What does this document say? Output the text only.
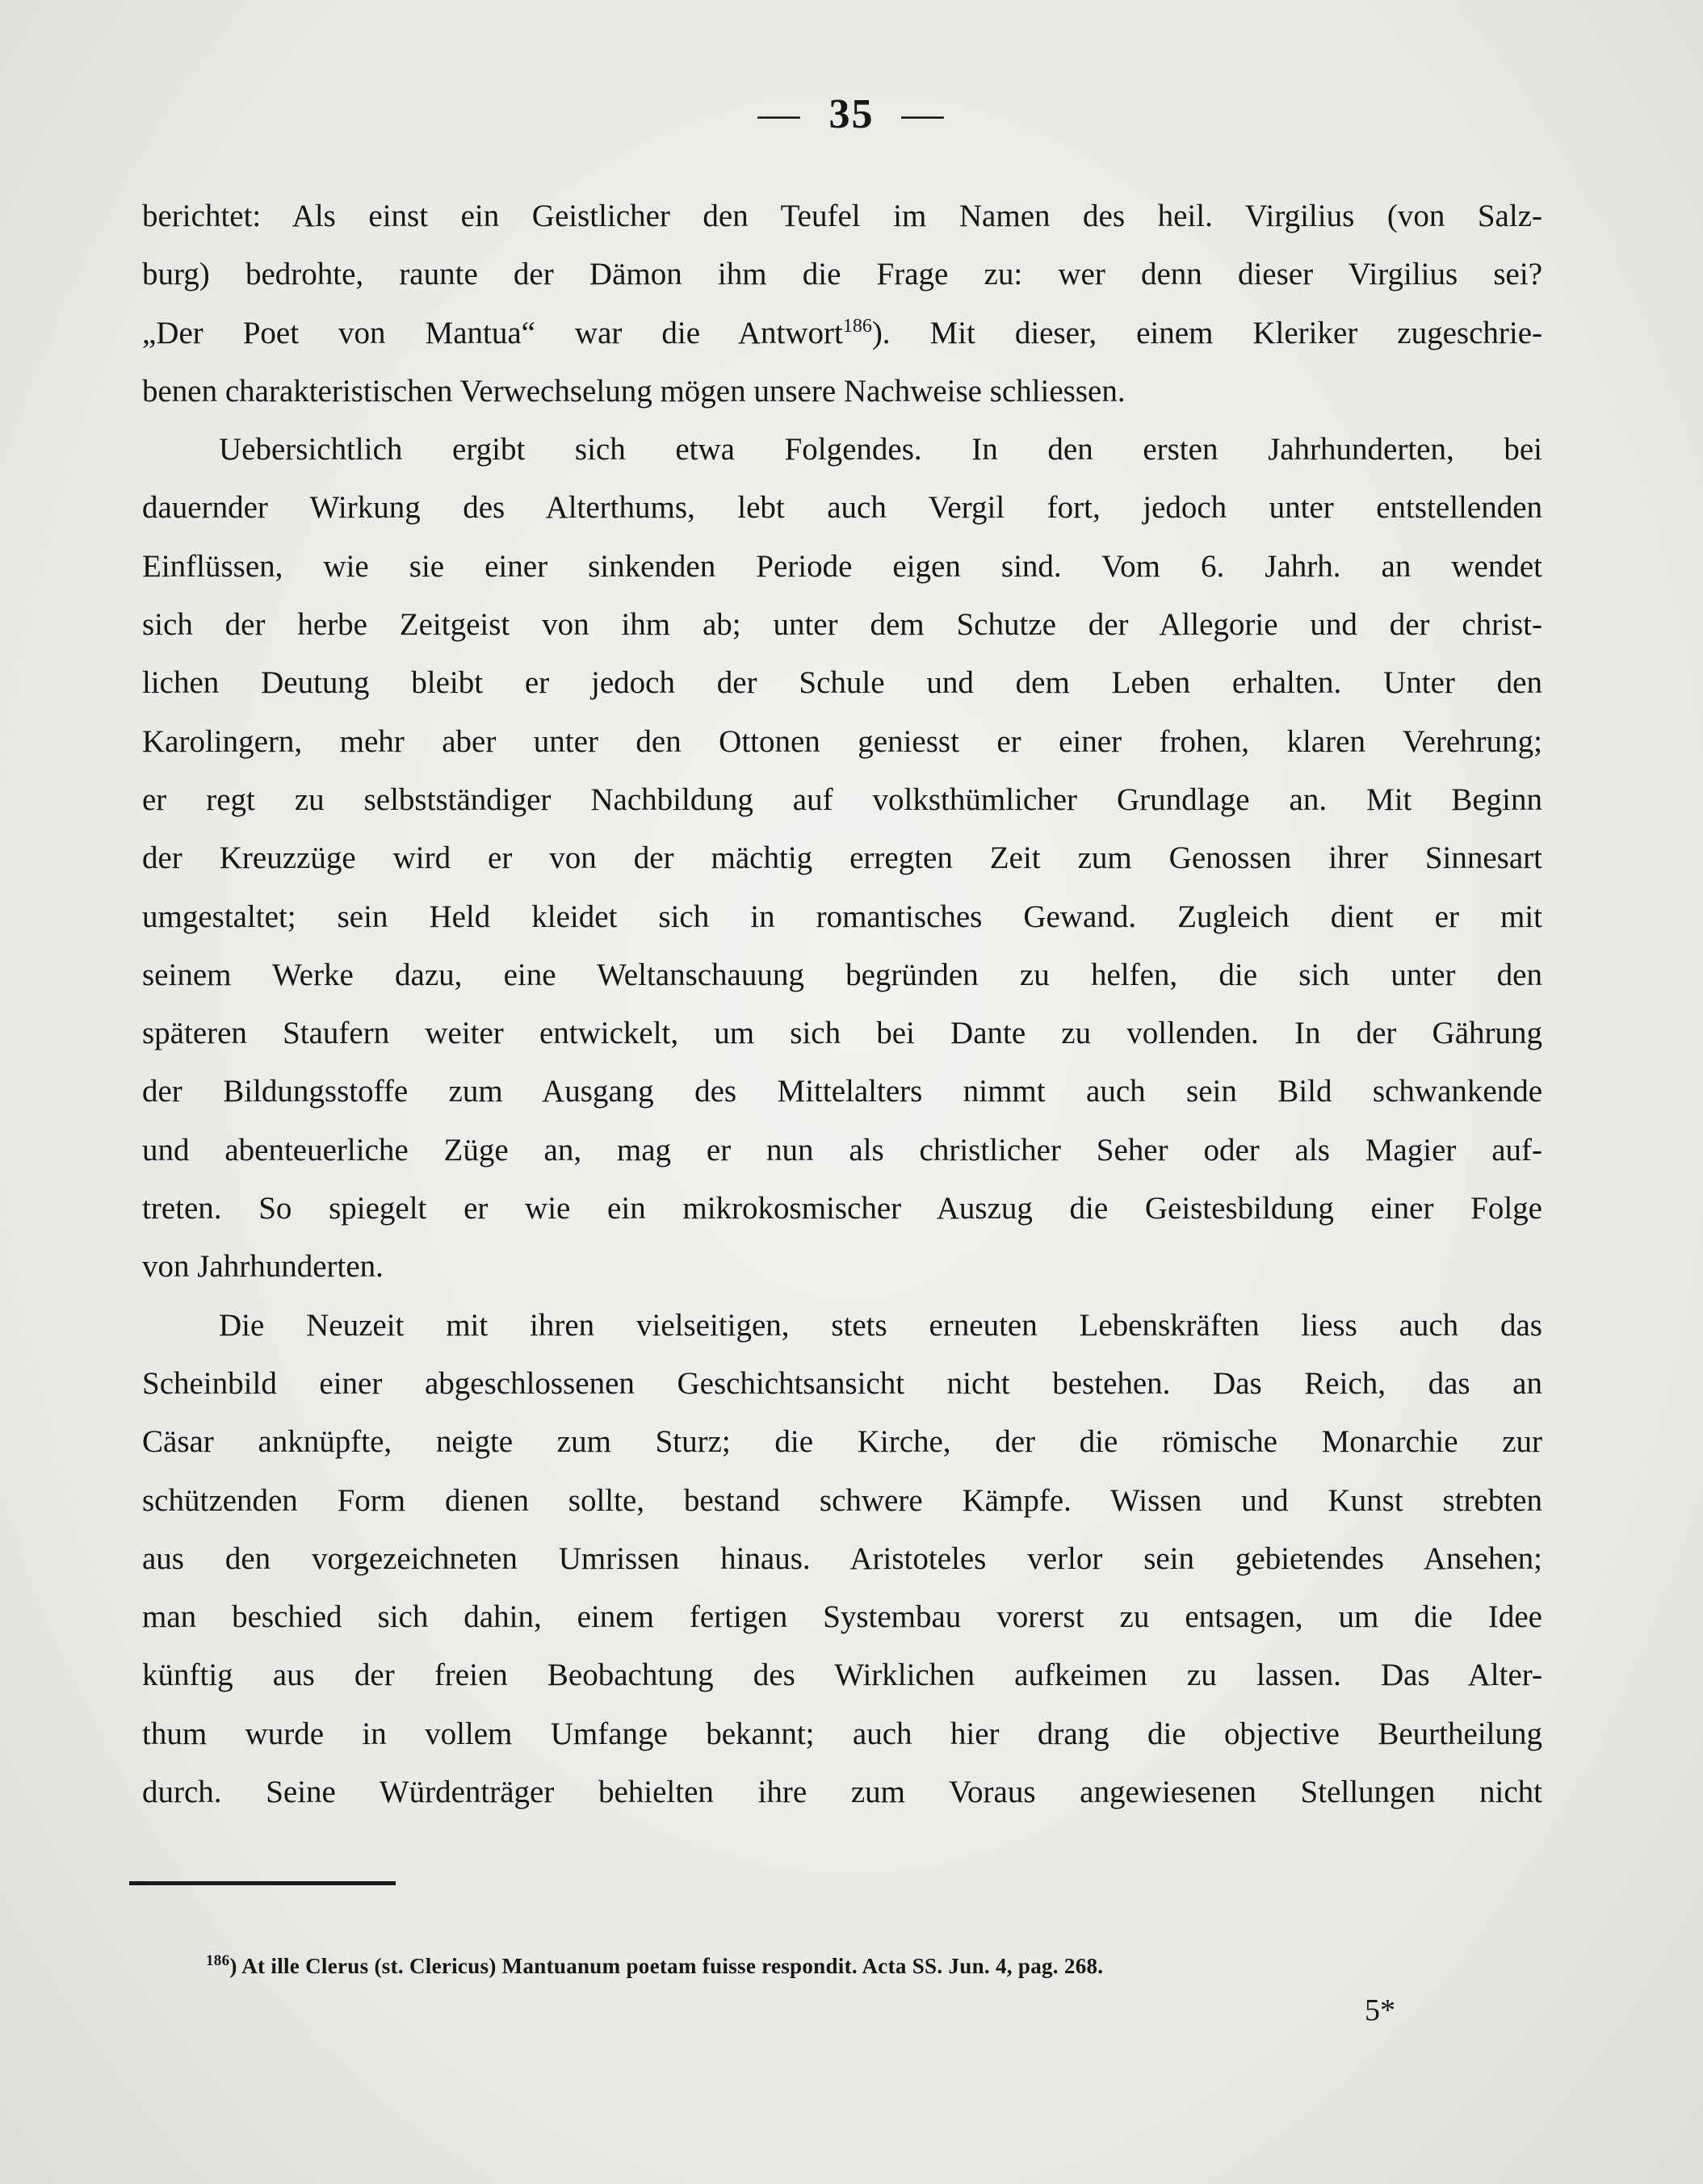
— 35 —
berichtet: Als einst ein Geistlicher den Teufel im Namen des heil. Virgilius (von Salz-
burg) bedrohte, raunte der Dämon ihm die Frage zu: wer denn dieser Virgilius sei?
„Der Poet von Mantua“ war die Antwort$^{186}$). Mit dieser, einem Kleriker zugeschrie-
benen charakteristischen Verwechselung mögen unsere Nachweise schliessen.
Uebersichtlich ergibt sich etwa Folgendes. In den ersten Jahrhunderten, bei
dauernder Wirkung des Alterthums, lebt auch Vergil fort, jedoch unter entstellenden
Einflüssen, wie sie einer sinkenden Periode eigen sind. Vom 6. Jahrh. an wendet
sich der herbe Zeitgeist von ihm ab; unter dem Schutze der Allegorie und der christ-
lichen Deutung bleibt er jedoch der Schule und dem Leben erhalten. Unter den
Karolingern, mehr aber unter den Ottonen geniesst er einer frohen, klaren Verehrung;
er regt zu selbstständiger Nachbildung auf volksthümlicher Grundlage an. Mit Beginn
der Kreuzzüge wird er von der mächtig erregten Zeit zum Genossen ihrer Sinnesart
umgestaltet; sein Held kleidet sich in romantisches Gewand. Zugleich dient er mit
seinem Werke dazu, eine Weltanschauung begründen zu helfen, die sich unter den
späteren Staufern weiter entwickelt, um sich bei Dante zu vollenden. In der Gährung
der Bildungsstoffe zum Ausgang des Mittelalters nimmt auch sein Bild schwankende
und abenteuerliche Züge an, mag er nun als christlicher Seher oder als Magier auf-
treten. So spiegelt er wie ein mikrokosmischer Auszug die Geistesbildung einer Folge
von Jahrhunderten.
Die Neuzeit mit ihren vielseitigen, stets erneuten Lebenskräften liess auch das
Scheinbild einer abgeschlossenen Geschichtsansicht nicht bestehen. Das Reich, das an
Cäsar anknüpfte, neigte zum Sturz; die Kirche, der die römische Monarchie zur
schützenden Form dienen sollte, bestand schwere Kämpfe. Wissen und Kunst strebten
aus den vorgezeichneten Umrissen hinaus. Aristoteles verlor sein gebietendes Ansehen;
man beschied sich dahin, einem fertigen Systembau vorerst zu entsagen, um die Idee
künftig aus der freien Beobachtung des Wirklichen aufkeimen zu lassen. Das Alter-
thum wurde in vollem Umfange bekannt; auch hier drang die objective Beurtheilung
durch. Seine Würdenträger behielten ihre zum Voraus angewiesenen Stellungen nicht
$^{186}$) At ille Clerus (st. Clericus) Mantuanum poetam fuisse respondit. Acta SS. Jun. 4, pag. 268.
5*
